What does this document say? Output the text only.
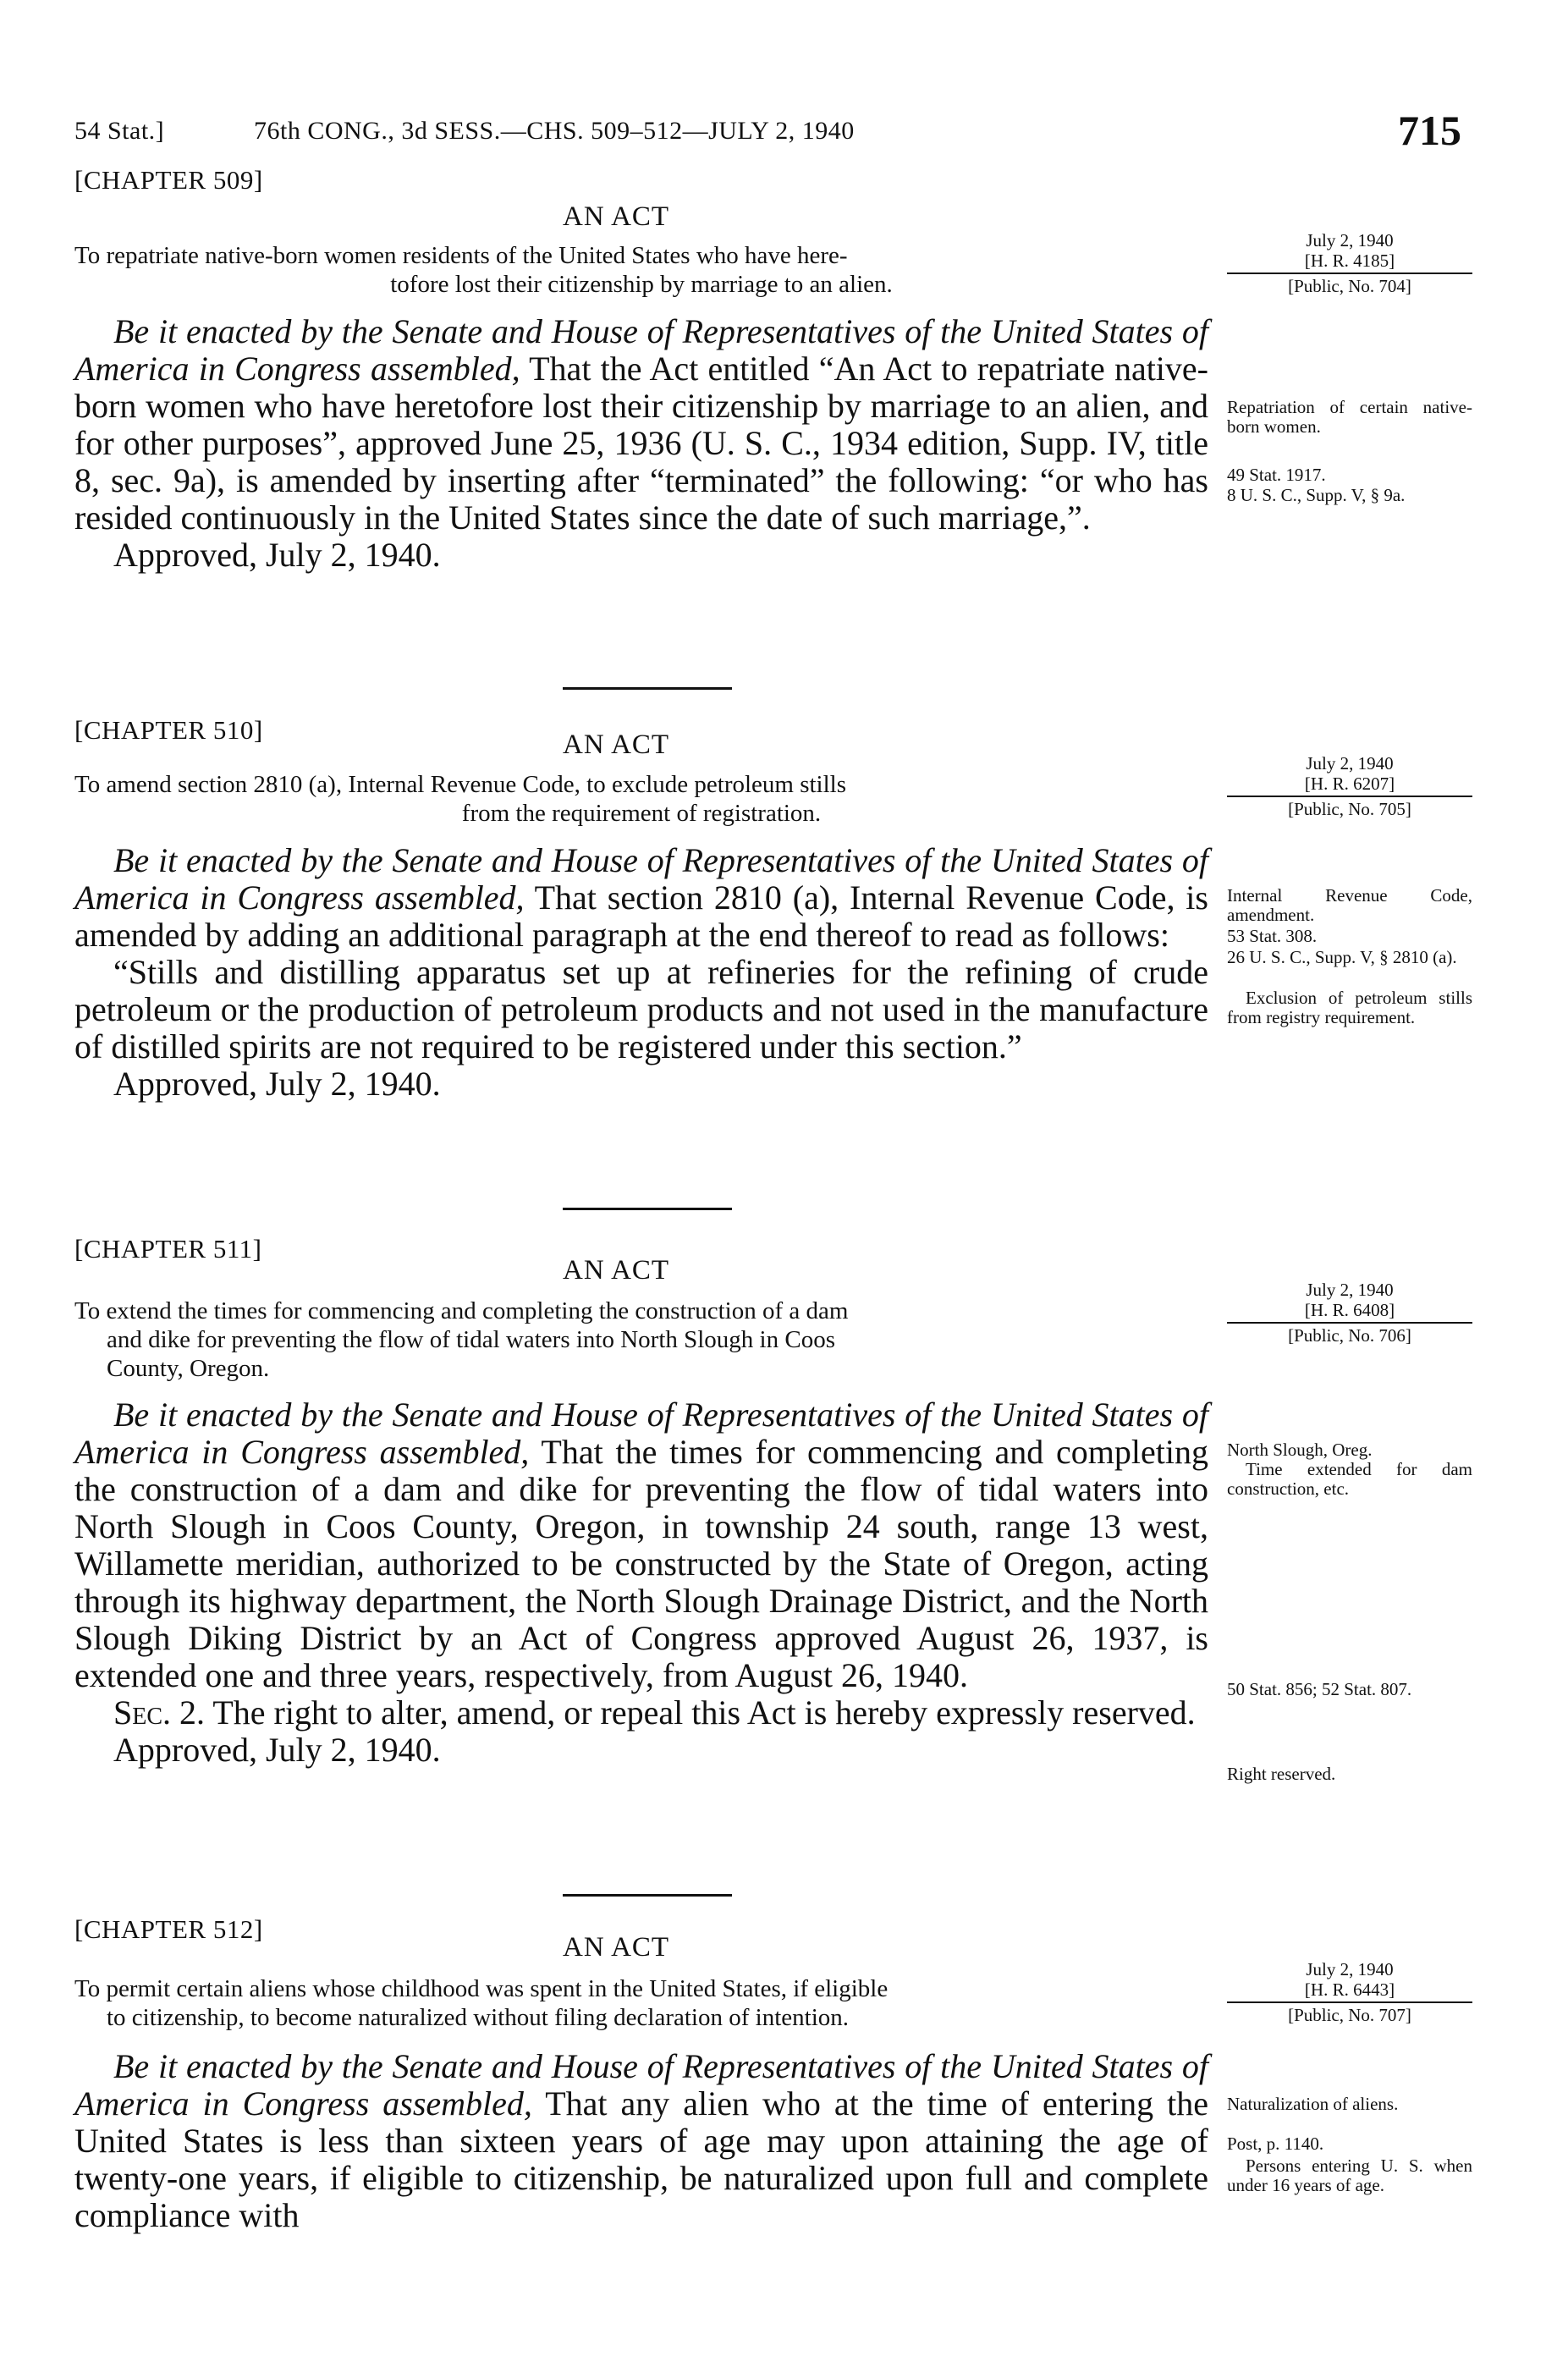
54 Stat.]	76th CONG., 3d SESS.—CHS. 509–512—JULY 2, 1940	715
[CHAPTER 509]
AN ACT
July 2, 1940
[H. R. 4185]
[Public, No. 704]
To repatriate native-born women residents of the United States who have here-
tofore lost their citizenship by marriage to an alien.

Be it enacted by the Senate and House of Representatives of the United States of America in Congress assembled, That the Act entitled “An Act to repatriate native-born women who have heretofore lost their citizenship by marriage to an alien, and for other purposes”, approved June 25, 1936 (U. S. C., 1934 edition, Supp. IV, title 8, sec. 9a), is amended by inserting after “terminated” the following: “or who has resided continuously in the United States since the date of such marriage,”.

Approved, July 2, 1940.

Repatriation of certain native-born women.
49 Stat. 1917.
8 U. S. C., Supp. V, § 9a.
[CHAPTER 510]	AN ACT
July 2, 1940
[H. R. 6207]
[Public, No. 705]
To amend section 2810 (a), Internal Revenue Code, to exclude petroleum stills
from the requirement of registration.

Be it enacted by the Senate and House of Representatives of the United States of America in Congress assembled, That section 2810 (a), Internal Revenue Code, is amended by adding an additional paragraph at the end thereof to read as follows:

“Stills and distilling apparatus set up at refineries for the refining of crude petroleum or the production of petroleum products and not used in the manufacture of distilled spirits are not required to be registered under this section.”

Approved, July 2, 1940.

Internal Revenue Code, amendment.
53 Stat. 308.
26 U. S. C., Supp. V, § 2810 (a).
Exclusion of petroleum stills from registry requirement.
[CHAPTER 511]
AN ACT
July 2, 1940
[H. R. 6408]
[Public, No. 706]
To extend the times for commencing and completing the construction of a dam
and dike for preventing the flow of tidal waters into North Slough in Coos
County, Oregon.

Be it enacted by the Senate and House of Representatives of the United States of America in Congress assembled, That the times for commencing and completing the construction of a dam and dike for preventing the flow of tidal waters into North Slough in Coos County, Oregon, in township 24 south, range 13 west, Willamette meridian, authorized to be constructed by the State of Oregon, acting through its highway department, the North Slough Drainage District, and the North Slough Diking District by an Act of Congress approved August 26, 1937, is extended one and three years, respectively, from August 26, 1940.

Sec. 2. The right to alter, amend, or repeal this Act is hereby expressly reserved.

Approved, July 2, 1940.

North Slough, Oreg.
Time extended for dam construction, etc.
50 Stat. 856; 52 Stat. 807.
Right reserved.
[CHAPTER 512]
AN ACT
July 2, 1940
[H. R. 6443]
[Public, No. 707]
To permit certain aliens whose childhood was spent in the United States, if eligible
to citizenship, to become naturalized without filing declaration of intention.

Be it enacted by the Senate and House of Representatives of the United States of America in Congress assembled, That any alien who at the time of entering the United States is less than sixteen years of age may upon attaining the age of twenty-one years, if eligible to citizenship, be naturalized upon full and complete compliance with

Naturalization of aliens.
Post, p. 1140.
Persons entering U. S. when under 16 years of age.
